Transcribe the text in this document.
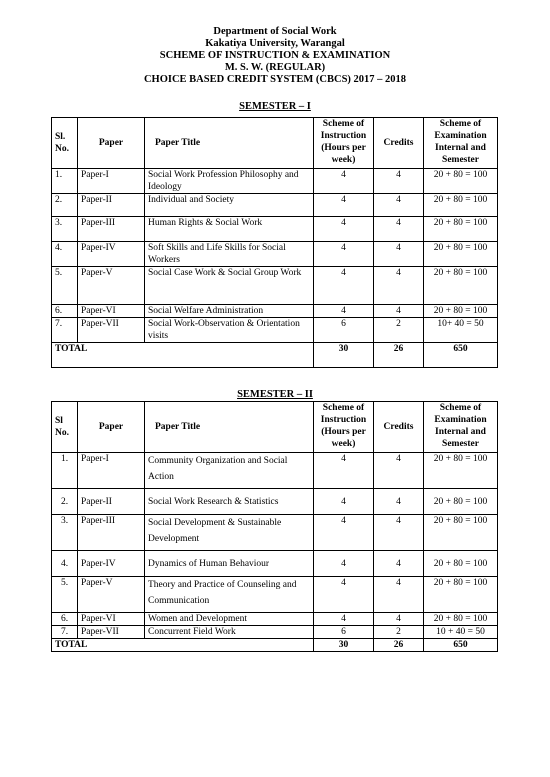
Department of Social Work
Kakatiya University, Warangal
SCHEME OF INSTRUCTION & EXAMINATION
M. S. W. (REGULAR)
CHOICE BASED CREDIT SYSTEM (CBCS) 2017 – 2018
SEMESTER – I
Sl. No.	Paper	Paper Title	Scheme of Instruction (Hours per week)	Credits	Scheme of Examination Internal and Semester
1.	Paper-I	Social Work Profession Philosophy and Ideology	4	4	20 + 80 = 100
2.	Paper-II	Individual and Society	4	4	20 + 80 = 100
3.	Paper-III	Human Rights & Social Work	4	4	20 + 80 = 100
4.	Paper-IV	Soft Skills and Life Skills for Social Workers	4	4	20 + 80 = 100
5.	Paper-V	Social Case Work & Social Group Work	4	4	20 + 80 = 100
6.	Paper-VI	Social Welfare Administration	4	4	20 + 80 = 100
7.	Paper-VII	Social Work-Observation & Orientation visits	6	2	10+ 40 = 50
TOTAL			30	26	650
SEMESTER – II
Sl No.	Paper	Paper Title	Scheme of Instruction (Hours per week)	Credits	Scheme of Examination Internal and Semester
1.	Paper-I	Community Organization and Social Action	4	4	20 + 80 = 100
2.	Paper-II	Social Work Research & Statistics	4	4	20 + 80 = 100
3.	Paper-III	Social Development & Sustainable Development	4	4	20 + 80 = 100
4.	Paper-IV	Dynamics of Human Behaviour	4	4	20 + 80 = 100
5.	Paper-V	Theory and Practice of Counseling and Communication	4	4	20 + 80 = 100
6.	Paper-VI	Women and Development	4	4	20 + 80 = 100
7.	Paper-VII	Concurrent Field Work	6	2	10 + 40 = 50
TOTAL			30	26	650
